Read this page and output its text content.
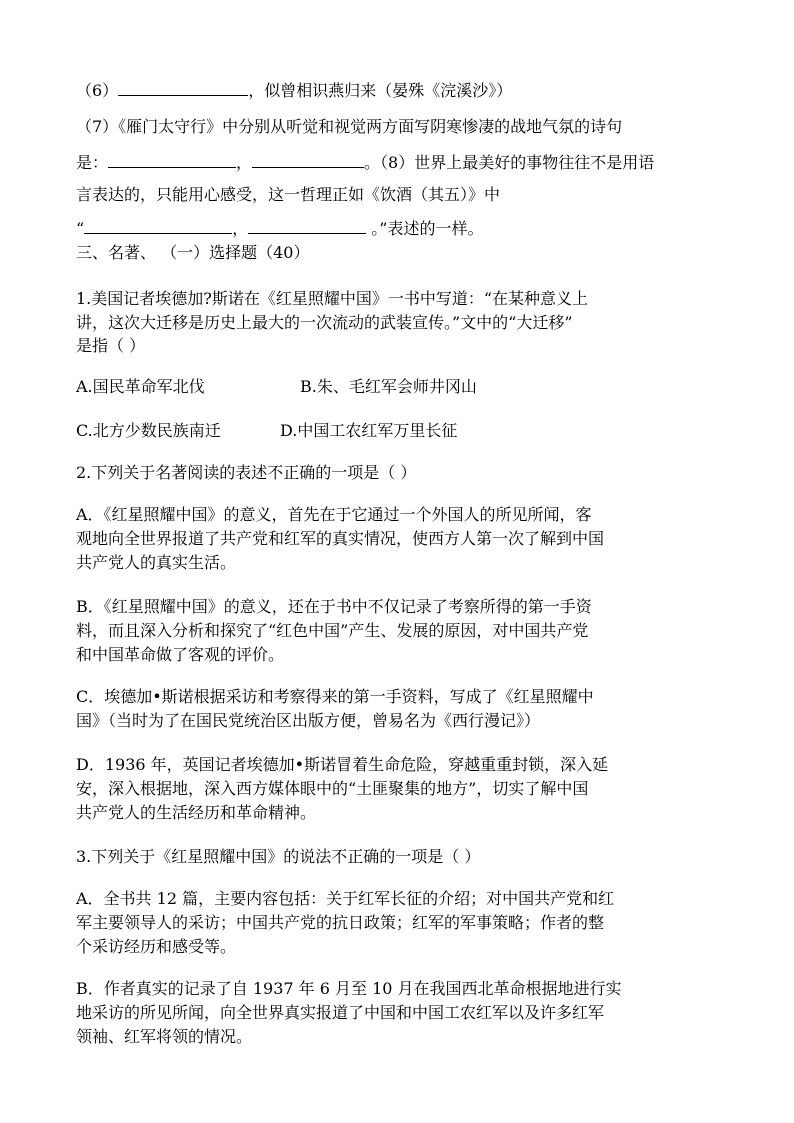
（6）	，似曾相识燕归来（晏殊《浣溪沙》）
（7）《雁门太守行》中分别从听觉和视觉两方面写阴寒惨凄的战地气氛的诗句
是：	，	。（8）世界上最美好的事物往往不是用语
言表达的，只能用心感受，这一哲理正如《饮酒（其五）》中
“	，	。”表述的一样。
三、名著、 （一）选择题（40）
1.美国记者埃德加?斯诺在《红星照耀中国》一书中写道：“在某种意义上
讲，这次大迁移是历史上最大的一次流动的武装宣传。”文中的“大迁移”
是指（ ）
A.国民革命军北伐	B.朱、毛红军会师井冈山
C.北方少数民族南迁	D.中国工农红军万里长征
2.下列关于名著阅读的表述不正确的一项是（ ）
A．《红星照耀中国》的意义，首先在于它通过一个外国人的所见所闻，客
观地向全世界报道了共产党和红军的真实情况，使西方人第一次了解到中国
共产党人的真实生活。
B．《红星照耀中国》的意义，还在于书中不仅记录了考察所得的第一手资
料，而且深入分析和探究了“红色中国”产生、发展的原因，对中国共产党
和中国革命做了客观的评价。
C．埃德加•斯诺根据采访和考察得来的第一手资料，写成了《红星照耀中
国》（当时为了在国民党统治区出版方便，曾易名为《西行漫记》）
D．1936 年，英国记者埃德加•斯诺冒着生命危险，穿越重重封锁，深入延
安，深入根据地，深入西方媒体眼中的“土匪聚集的地方”，切实了解中国
共产党人的生活经历和革命精神。
3.下列关于《红星照耀中国》的说法不正确的一项是（ ）
A．全书共 12 篇，主要内容包括：关于红军长征的介绍；对中国共产党和红
军主要领导人的采访；中国共产党的抗日政策；红军的军事策略；作者的整
个采访经历和感受等。
B．作者真实的记录了自 1937 年 6 月至 10 月在我国西北革命根据地进行实
地采访的所见所闻，向全世界真实报道了中国和中国工农红军以及许多红军
领袖、红军将领的情况。
